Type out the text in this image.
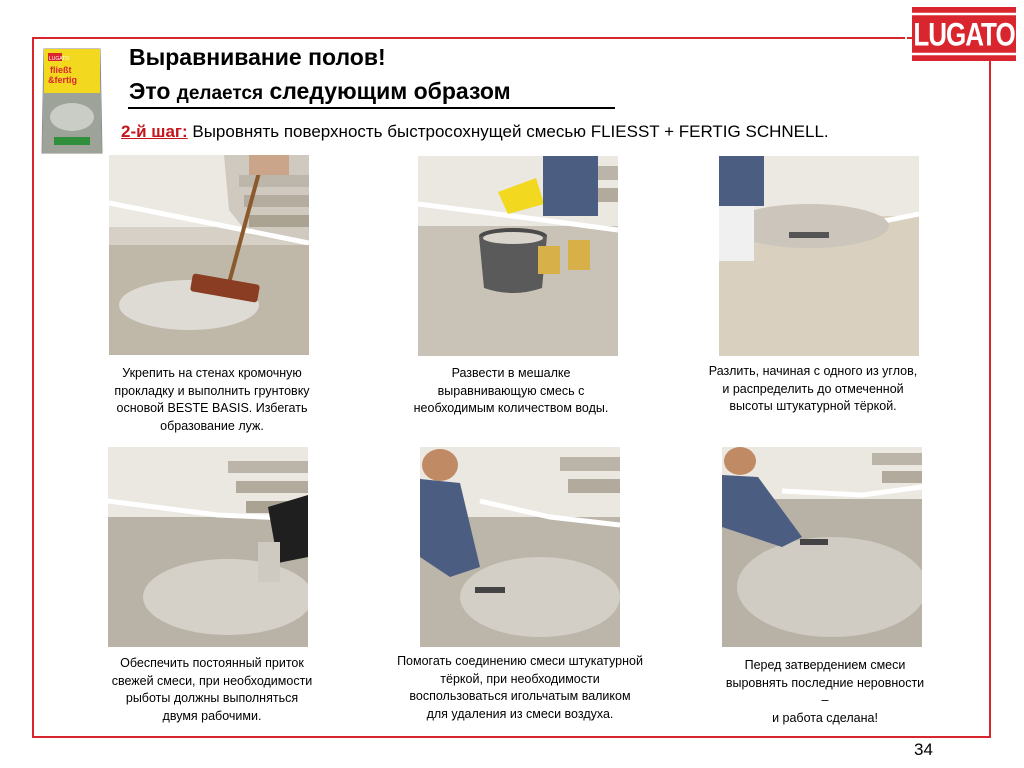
LUGATO
LUGATO
fließt
&fertig
Выравнивание полов!
Это делается следующим образом
2-й шаг: Выровнять поверхность быстросохнущей смесью FLIESST + FERTIG SCHNELL.
Укрепить на стенах кромочную
прокладку и выполнить грунтовку
основой BESTE BASIS. Избегать
образование луж.
Развести в мешалке
выравнивающую смесь с
необходимым количеством воды.
Разлить, начиная с одного из углов,
и распределить до отмеченной
высоты штукатурной тёркой.
Обеспечить постоянный приток
свежей смеси, при необходимости
рыботы должны выполняться
двумя рабочими.
Помогать соединению смеси штукатурной
тёркой, при необходимости
воспользоваться игольчатым валиком
для удаления из смеси воздуха.
Перед затвердением смеси
выровнять последние неровности
–
и работа сделана!
34
